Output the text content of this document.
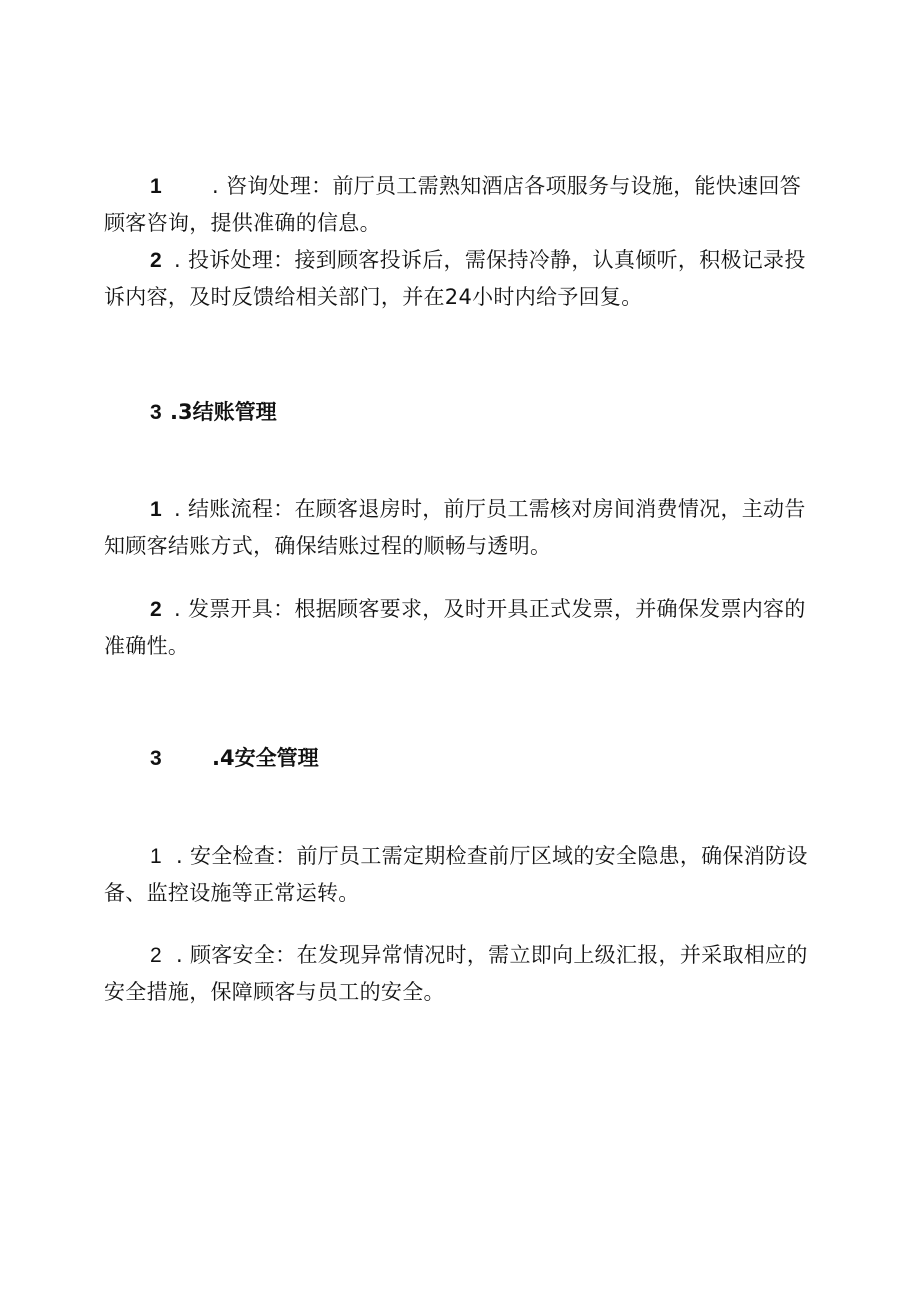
1 . 咨询处理：前厅员工需熟知酒店各项服务与设施，能快速回答顾客咨询，提供准确的信息。

2 . 投诉处理：接到顾客投诉后，需保持冷静，认真倾听，积极记录投诉内容，及时反馈给相关部门，并在24小时内给予回复。

3 .3结账管理

1 . 结账流程：在顾客退房时，前厅员工需核对房间消费情况，主动告知顾客结账方式，确保结账过程的顺畅与透明。

2 . 发票开具：根据顾客要求，及时开具正式发票，并确保发票内容的准确性。

3 .4安全管理

1 . 安全检查：前厅员工需定期检查前厅区域的安全隐患，确保消防设备、监控设施等正常运转。

2 . 顾客安全：在发现异常情况时，需立即向上级汇报，并采取相应的安全措施，保障顾客与员工的安全。
